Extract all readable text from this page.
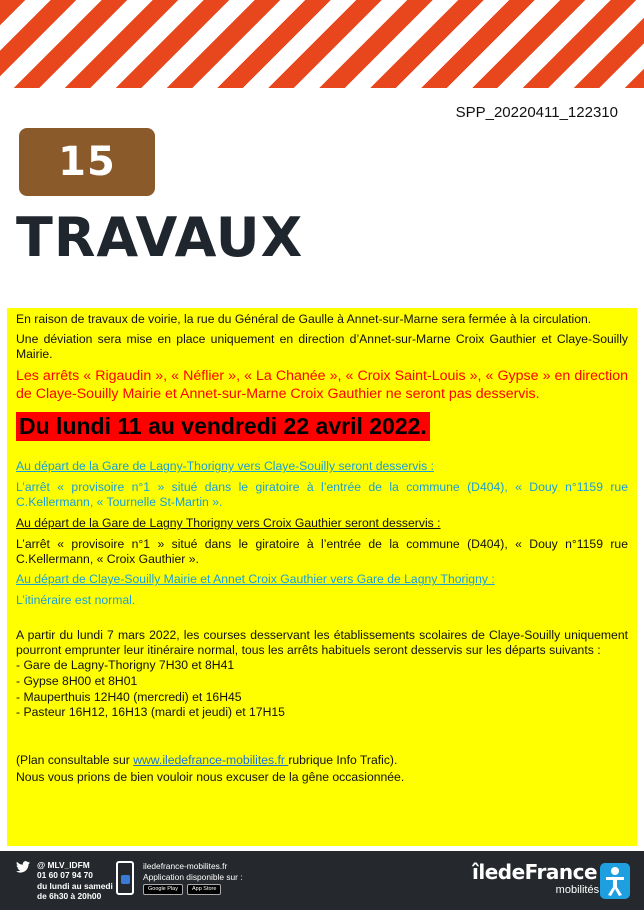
SPP_20220411_122310
15
TRAVAUX

En raison de travaux de voirie, la rue du Général de Gaulle à Annet-sur-Marne sera fermée à la circulation.

Une déviation sera mise en place uniquement en direction d’Annet-sur-Marne Croix Gauthier et Claye-Souilly Mairie.

Les arrêts « Rigaudin », « Néflier », « La Chanée », « Croix Saint-Louis », « Gypse » en direction de Claye-Souilly Mairie et Annet-sur-Marne Croix Gauthier ne seront pas desservis.

Du lundi 11 au vendredi 22 avril 2022.

Au départ de la Gare de Lagny-Thorigny vers Claye-Souilly seront desservis :

L’arrêt « provisoire n°1 » situé dans le giratoire à l’entrée de la commune (D404), « Douy n°1159 rue C.Kellermann, « Tournelle St-Martin ».

Au départ de la Gare de Lagny Thorigny vers Croix Gauthier seront desservis :

L’arrêt « provisoire n°1 » situé dans le giratoire à l’entrée de la commune (D404), « Douy n°1159 rue C.Kellermann, « Croix Gauthier ».

Au départ de Claye-Souilly Mairie et Annet Croix Gauthier vers Gare de Lagny Thorigny :

L’itinéraire est normal.

A partir du lundi 7 mars 2022, les courses desservant les établissements scolaires de Claye-Souilly uniquement pourront emprunter leur itinéraire normal, tous les arrêts habituels seront desservis sur les départs suivants :

- Gare de Lagny-Thorigny 7H30 et 8H41
- Gypse 8H00 et 8H01
- Mauperthuis 12H40 (mercredi) et 16H45
- Pasteur 16H12, 16H13 (mardi et jeudi) et 17H15

(Plan consultable sur www.iledefrance-mobilites.fr rubrique Info Trafic).

Nous vous prions de bien vouloir nous excuser de la gêne occasionnée.

@ MLV_IDFM
01 60 07 94 70
du lundi au samedi
de 6h30 à 20h00
iledefrance-mobilites.fr
Application disponible sur :
Google Play	App Store
îledeFrance
mobilités
